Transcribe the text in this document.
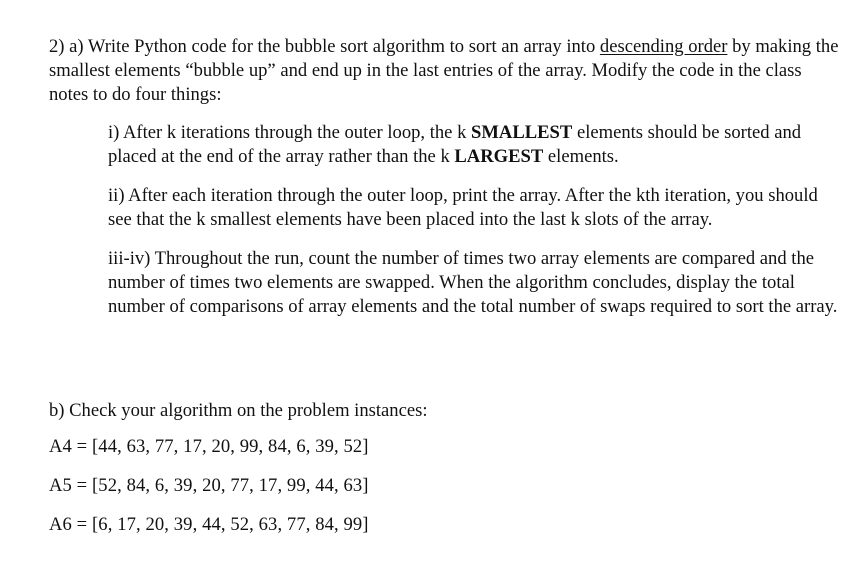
2) a) Write Python code for the bubble sort algorithm to sort an array into descending order by making the smallest elements “bubble up” and end up in the last entries of the array. Modify the code in the class notes to do four things:

i) After k iterations through the outer loop, the k SMALLEST elements should be sorted and placed at the end of the array rather than the k LARGEST elements.

ii) After each iteration through the outer loop, print the array. After the kth iteration, you should see that the k smallest elements have been placed into the last k slots of the array.

iii-iv) Throughout the run, count the number of times two array elements are compared and the number of times two elements are swapped. When the algorithm concludes, display the total number of comparisons of array elements and the total number of swaps required to sort the array.

b) Check your algorithm on the problem instances:

A4 = [44, 63, 77, 17, 20, 99, 84, 6, 39, 52]

A5 = [52, 84, 6, 39, 20, 77, 17, 99, 44, 63]

A6 = [6, 17, 20, 39, 44, 52, 63, 77, 84, 99]
